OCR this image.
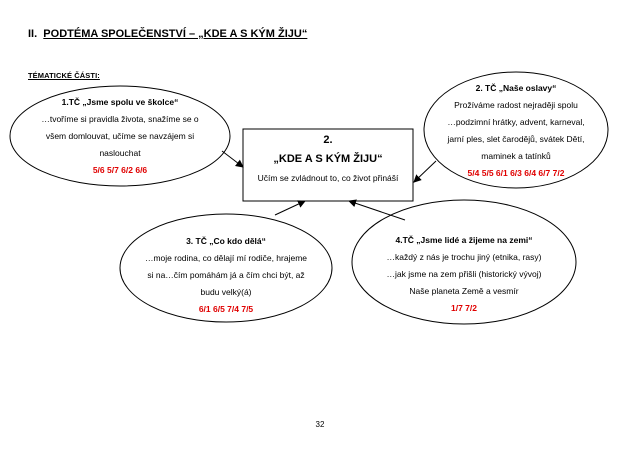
II. PODTÉMA SPOLEČENSTVÍ – „KDE A S KÝM ŽIJU“
TÉMATICKÉ ČÁSTI:
1.TČ „Jsme spolu ve školce“
…tvoříme si pravidla života, snažíme se o
všem domlouvat, učíme se navzájem si
naslouchat
5/6 5/7 6/2 6/6
2. TČ „Naše oslavy“
Prožíváme radost nejraději spolu
…podzimní hrátky, advent, karneval,
jarní ples, slet čarodějů, svátek Dětí,
maminek a tatínků
5/4 5/5 6/1 6/3 6/4 6/7 7/2
2.
„KDE A S KÝM ŽIJU“
Učím se zvládnout to, co život přináší
3. TČ „Co kdo dělá“
…moje rodina, co dělají mí rodiče, hrajeme
si na…čím pomáhám já a čím chci být, až
budu velký(á)
6/1 6/5 7/4 7/5
4.TČ „Jsme lidé a žijeme na zemi“
…každý z nás je trochu jiný (etnika, rasy)
…jak jsme na zem přišli (historický vývoj)
Naše planeta Země a vesmír
1/7 7/2
32
